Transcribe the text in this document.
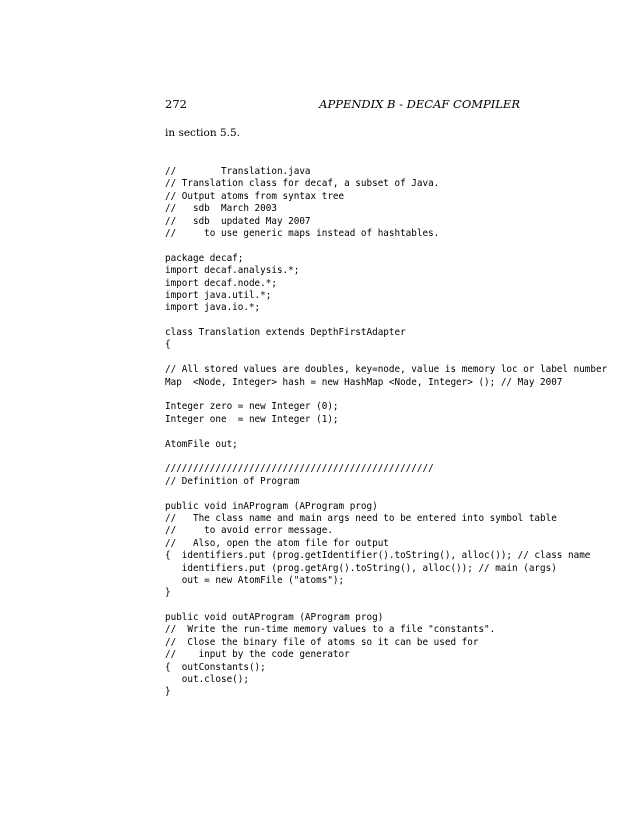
272	APPENDIX B - DECAF COMPILER
in section 5.5.
//        Translation.java
// Translation class for decaf, a subset of Java.
// Output atoms from syntax tree
//   sdb  March 2003
//   sdb  updated May 2007
//     to use generic maps instead of hashtables.
package decaf;
import decaf.analysis.*;
import decaf.node.*;
import java.util.*;
import java.io.*;
class Translation extends DepthFirstAdapter
{
// All stored values are doubles, key=node, value is memory loc or label number
Map  <Node, Integer> hash = new HashMap <Node, Integer> (); // May 2007
Integer zero = new Integer (0);
Integer one  = new Integer (1);
AtomFile out;
////////////////////////////////////////////////
// Definition of Program
public void inAProgram (AProgram prog)
//   The class name and main args need to be entered into symbol table
//     to avoid error message.
//   Also, open the atom file for output
{  identifiers.put (prog.getIdentifier().toString(), alloc()); // class name
identifiers.put (prog.getArg().toString(), alloc()); // main (args)
out = new AtomFile ("atoms");
}
public void outAProgram (AProgram prog)
//  Write the run-time memory values to a file "constants".
//  Close the binary file of atoms so it can be used for
//    input by the code generator
{  outConstants();
out.close();
}
